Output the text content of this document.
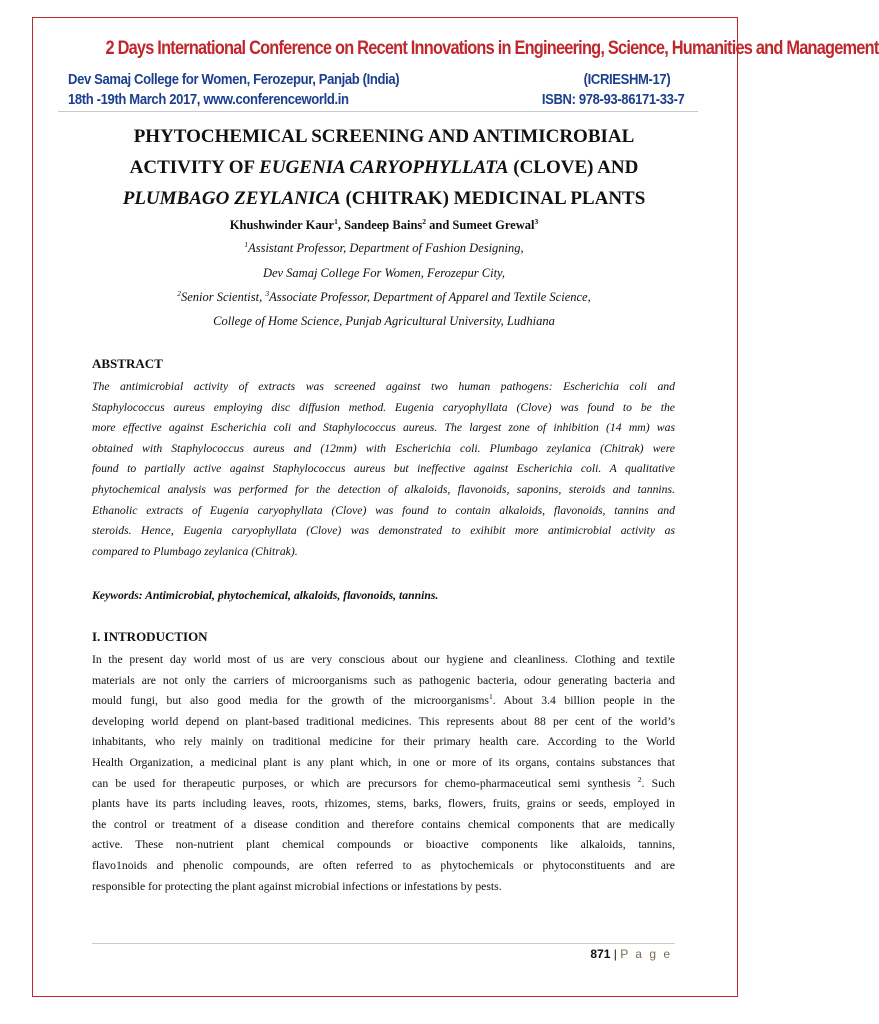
2 Days International Conference on Recent Innovations in Engineering, Science, Humanities and Management
Dev Samaj College for Women, Ferozepur, Panjab (India)	(ICRIESHM-17)
18th -19th March 2017, www.conferenceworld.in	ISBN: 978-93-86171-33-7
PHYTOCHEMICAL SCREENING AND ANTIMICROBIAL
ACTIVITY OF EUGENIA CARYOPHYLLATA (CLOVE) AND
PLUMBAGO ZEYLANICA (CHITRAK) MEDICINAL PLANTS
Khushwinder Kaur$^1$, Sandeep Bains$^2$ and Sumeet Grewal$^3$
$^1$Assistant Professor, Department of Fashion Designing,
Dev Samaj College For Women, Ferozepur City,
$^2$Senior Scientist, $^3$Associate Professor, Department of Apparel and Textile Science,
College of Home Science, Punjab Agricultural University, Ludhiana
ABSTRACT
The antimicrobial activity of extracts was screened against two human pathogens: Escherichia coli and
Staphylococcus aureus employing disc diffusion method. Eugenia caryophyllata (Clove) was found to be the
more effective against Escherichia coli and Staphylococcus aureus. The largest zone of inhibition (14 mm) was
obtained with Staphylococcus aureus and (12mm) with Escherichia coli. Plumbago zeylanica (Chitrak) were
found to partially active against Staphylococcus aureus but ineffective against Escherichia coli. A qualitative
phytochemical analysis was performed for the detection of alkaloids, flavonoids, saponins, steroids and tannins.
Ethanolic extracts of Eugenia caryophyllata (Clove) was found to contain alkaloids, flavonoids, tannins and
steroids. Hence, Eugenia caryophyllata (Clove) was demonstrated to exihibit more antimicrobial activity as
compared to Plumbago zeylanica (Chitrak).
Keywords: Antimicrobial, phytochemical, alkaloids, flavonoids, tannins.
I. INTRODUCTION
In the present day world most of us are very conscious about our hygiene and cleanliness. Clothing and textile
materials are not only the carriers of microorganisms such as pathogenic bacteria, odour generating bacteria and
mould fungi, but also good media for the growth of the microorganisms$^1$. About 3.4 billion people in the
developing world depend on plant-based traditional medicines. This represents about 88 per cent of the world’s
inhabitants, who rely mainly on traditional medicine for their primary health care. According to the World
Health Organization, a medicinal plant is any plant which, in one or more of its organs, contains substances that
can be used for therapeutic purposes, or which are precursors for chemo-pharmaceutical semi synthesis $^2$. Such
plants have its parts including leaves, roots, rhizomes, stems, barks, flowers, fruits, grains or seeds, employed in
the control or treatment of a disease condition and therefore contains chemical components that are medically
active. These non-nutrient plant chemical compounds or bioactive components like alkaloids, tannins,
flavo1noids and phenolic compounds, are often referred to as phytochemicals or phytoconstituents and are
responsible for protecting the plant against microbial infections or infestations by pests.
871 | P a g e
